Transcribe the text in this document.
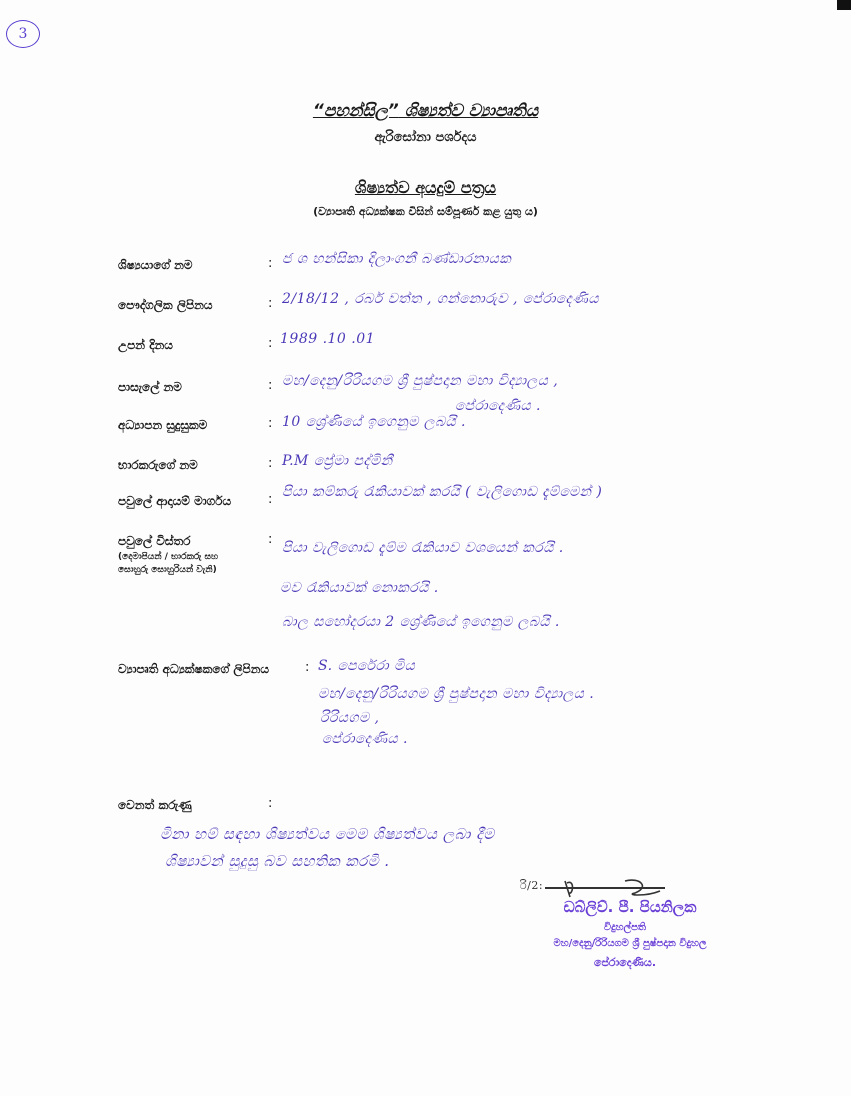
3
“පහන්සිල” ශිෂ්‍යත්ව ව්‍යාපෘතිය
ඇරිසෝනා පර්ශදය
ශිෂ්‍යත්ව අයදුම් පත්‍රය
(ව්‍යාපෘති අධ්‍යක්ෂක විසින් සම්පූර්ණ කළ යුතු ය)
ශිෂ්‍යයාගේ නම	: ජ ශ හන්සිකා දිලාංගනී බණ්ඩාරනායක
පෞද්ගලික ලිපිනය	: 2/18/12 , රබර් වත්ත , ගන්නොරුව , පේරාදෙණිය
උපන් දිනය	: 1989 .10 .01
පාසැලේ නම	: මහ/දෙනු/රිරියගම ශ්‍රී පුෂ්පදාන මහා විද්‍යාලය ,
පේරාදෙණිය .
අධ්‍යාපන සුදුසුකම	: 10 ශ්‍රේණියේ ඉගෙනුම ලබයි .
භාරකරුගේ නම	: P.M ප්‍රේමා පද්මිනී
පවුලේ ආදායම් මාර්ගය	: පියා කම්කරු රැකියාවක් කරයි ( වැලිගොඩ දැම්මෙන් )
පවුලේ විස්තර
(දෙමාපියන් / භාරකරු සහ
සොහුරු සොහුරියන් වැනි)
:
පියා වැලිගොඩ දැම්ම රැකියාව වශයෙන් කරයි .
මව රැකියාවක් නොකරයි .
බාල සහෝදරයා 2 ශ්‍රේණියේ ඉගෙනුම ලබයි .
ව්‍යාපෘති අධ්‍යක්ෂකගේ ලිපිනය	: S. පෙරේරා මිය
මහ/දෙනු/රිරියගම ශ්‍රී පුෂ්පදාන මහා විද්‍යාලය .
රිරියගම ,
පේරාදෙණිය .
වෙනත් කරුණු	:
මිනා හම් සඳහා ශිෂ්‍යත්වය මෙම ශිෂ්‍යත්වය ලබා දීම
ශිෂ්‍යාවන් සුදුසු බව සහතික කරමි .
රි/2:
ඩබ්ලිව්. පී. පියනිලක
විදුහල්පති
මහ/දෙනු/රිරියගම ශ්‍රී පුෂ්පදාන විදුහල
පේරාදෙණිය.
